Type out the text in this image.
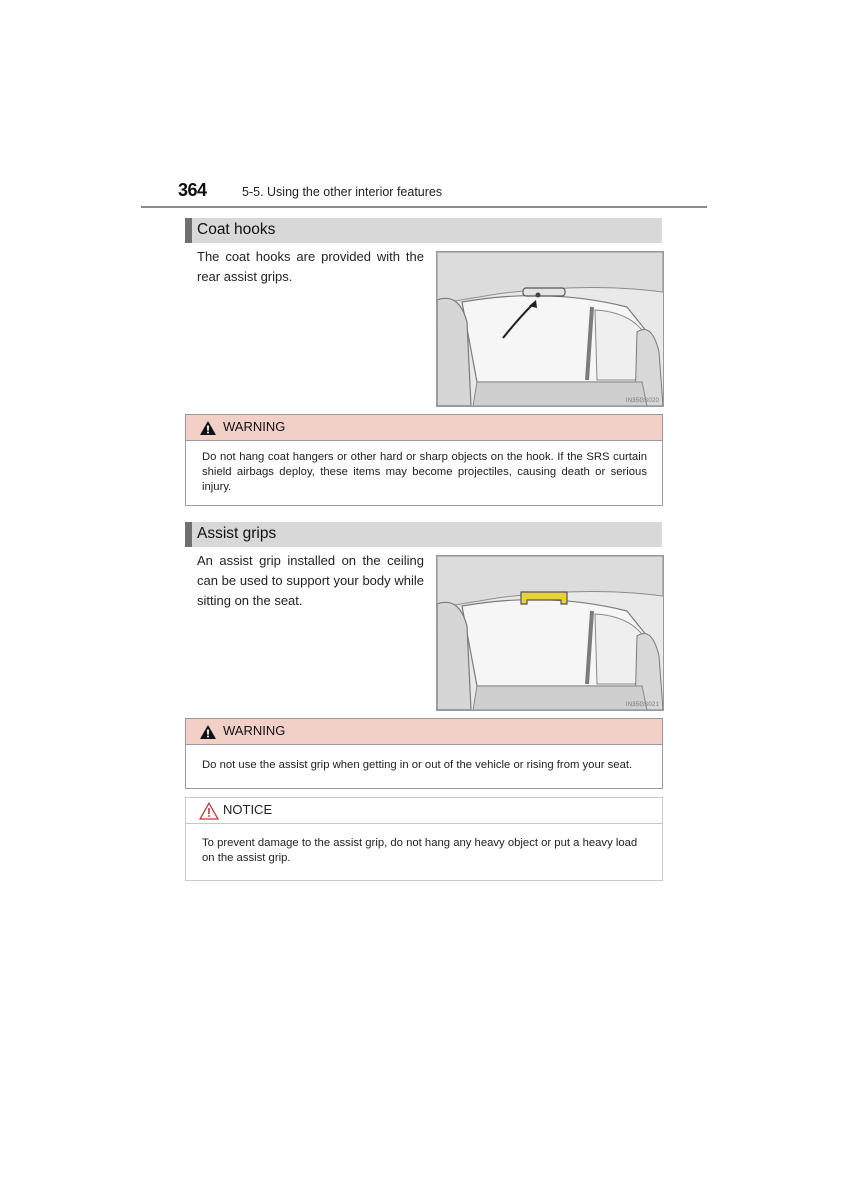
364	5-5. Using the other interior features
Coat hooks
The coat hooks are provided with the rear assist grips.
IN35GS020
WARNING
Do not hang coat hangers or other hard or sharp objects on the hook. If the SRS curtain shield airbags deploy, these items may become projectiles, causing death or serious injury.
Assist grips
An assist grip installed on the ceiling can be used to support your body while sitting on the seat.
IN35GS021
WARNING
Do not use the assist grip when getting in or out of the vehicle or rising from your seat.
NOTICE
To prevent damage to the assist grip, do not hang any heavy object or put a heavy load on the assist grip.
